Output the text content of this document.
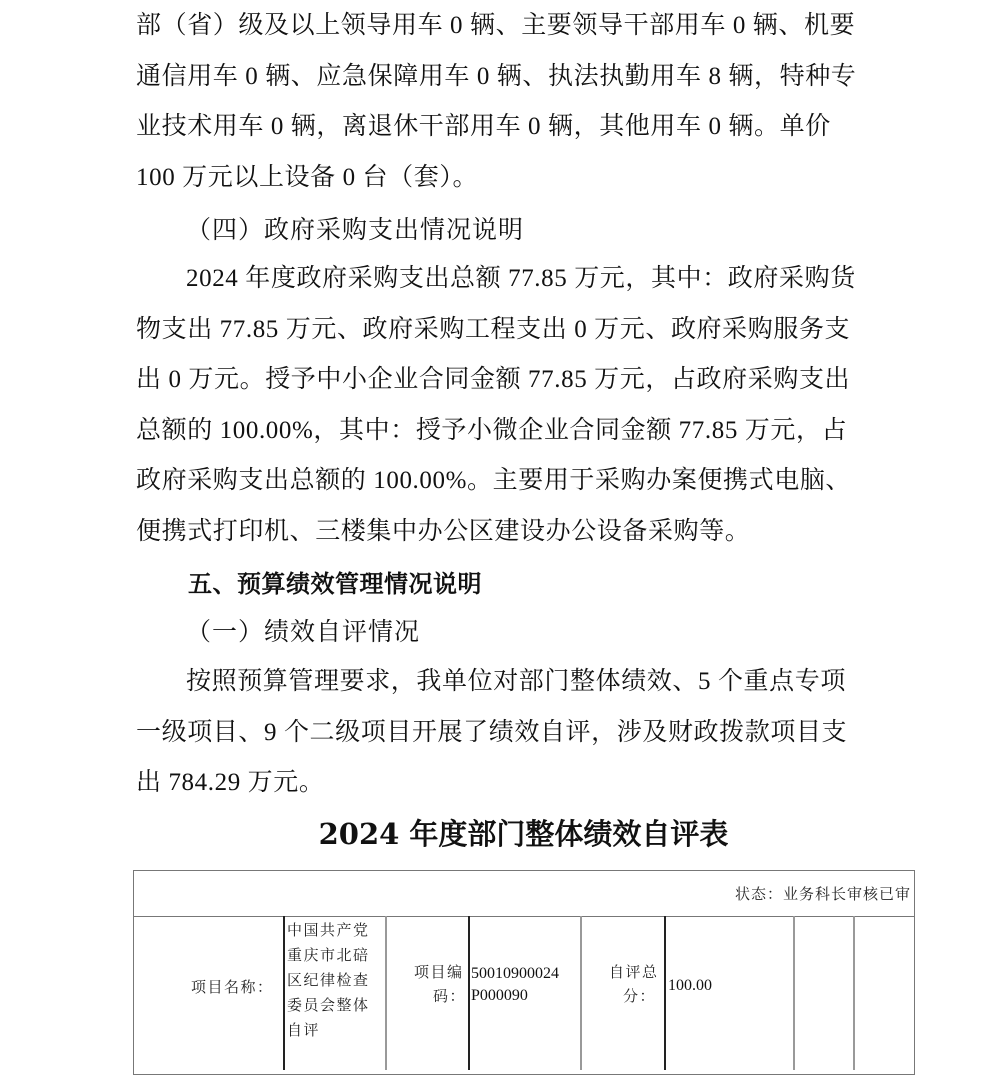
部（省）级及以上领导用车 0 辆、主要领导干部用车 0 辆、机要
通信用车 0 辆、应急保障用车 0 辆、执法执勤用车 8 辆，特种专
业技术用车 0 辆，离退休干部用车 0 辆，其他用车 0 辆。单价
100 万元以上设备 0 台（套）。
（四）政府采购支出情况说明
2024 年度政府采购支出总额 77.85 万元，其中：政府采购货
物支出 77.85 万元、政府采购工程支出 0 万元、政府采购服务支
出 0 万元。授予中小企业合同金额 77.85 万元，占政府采购支出
总额的 100.00%，其中：授予小微企业合同金额 77.85 万元，占
政府采购支出总额的 100.00%。主要用于采购办案便携式电脑、
便携式打印机、三楼集中办公区建设办公设备采购等。
五、预算绩效管理情况说明
（一）绩效自评情况
按照预算管理要求，我单位对部门整体绩效、5 个重点专项
一级项目、9 个二级项目开展了绩效自评，涉及财政拨款项目支
出 784.29 万元。
2024 年度部门整体绩效自评表
状态：业务科长审核已审
项目名称：
中国共产党
重庆市北碚
区纪律检查
委员会整体
自评
项目编
码：
50010900024
P000090
自评总
分：
100.00
